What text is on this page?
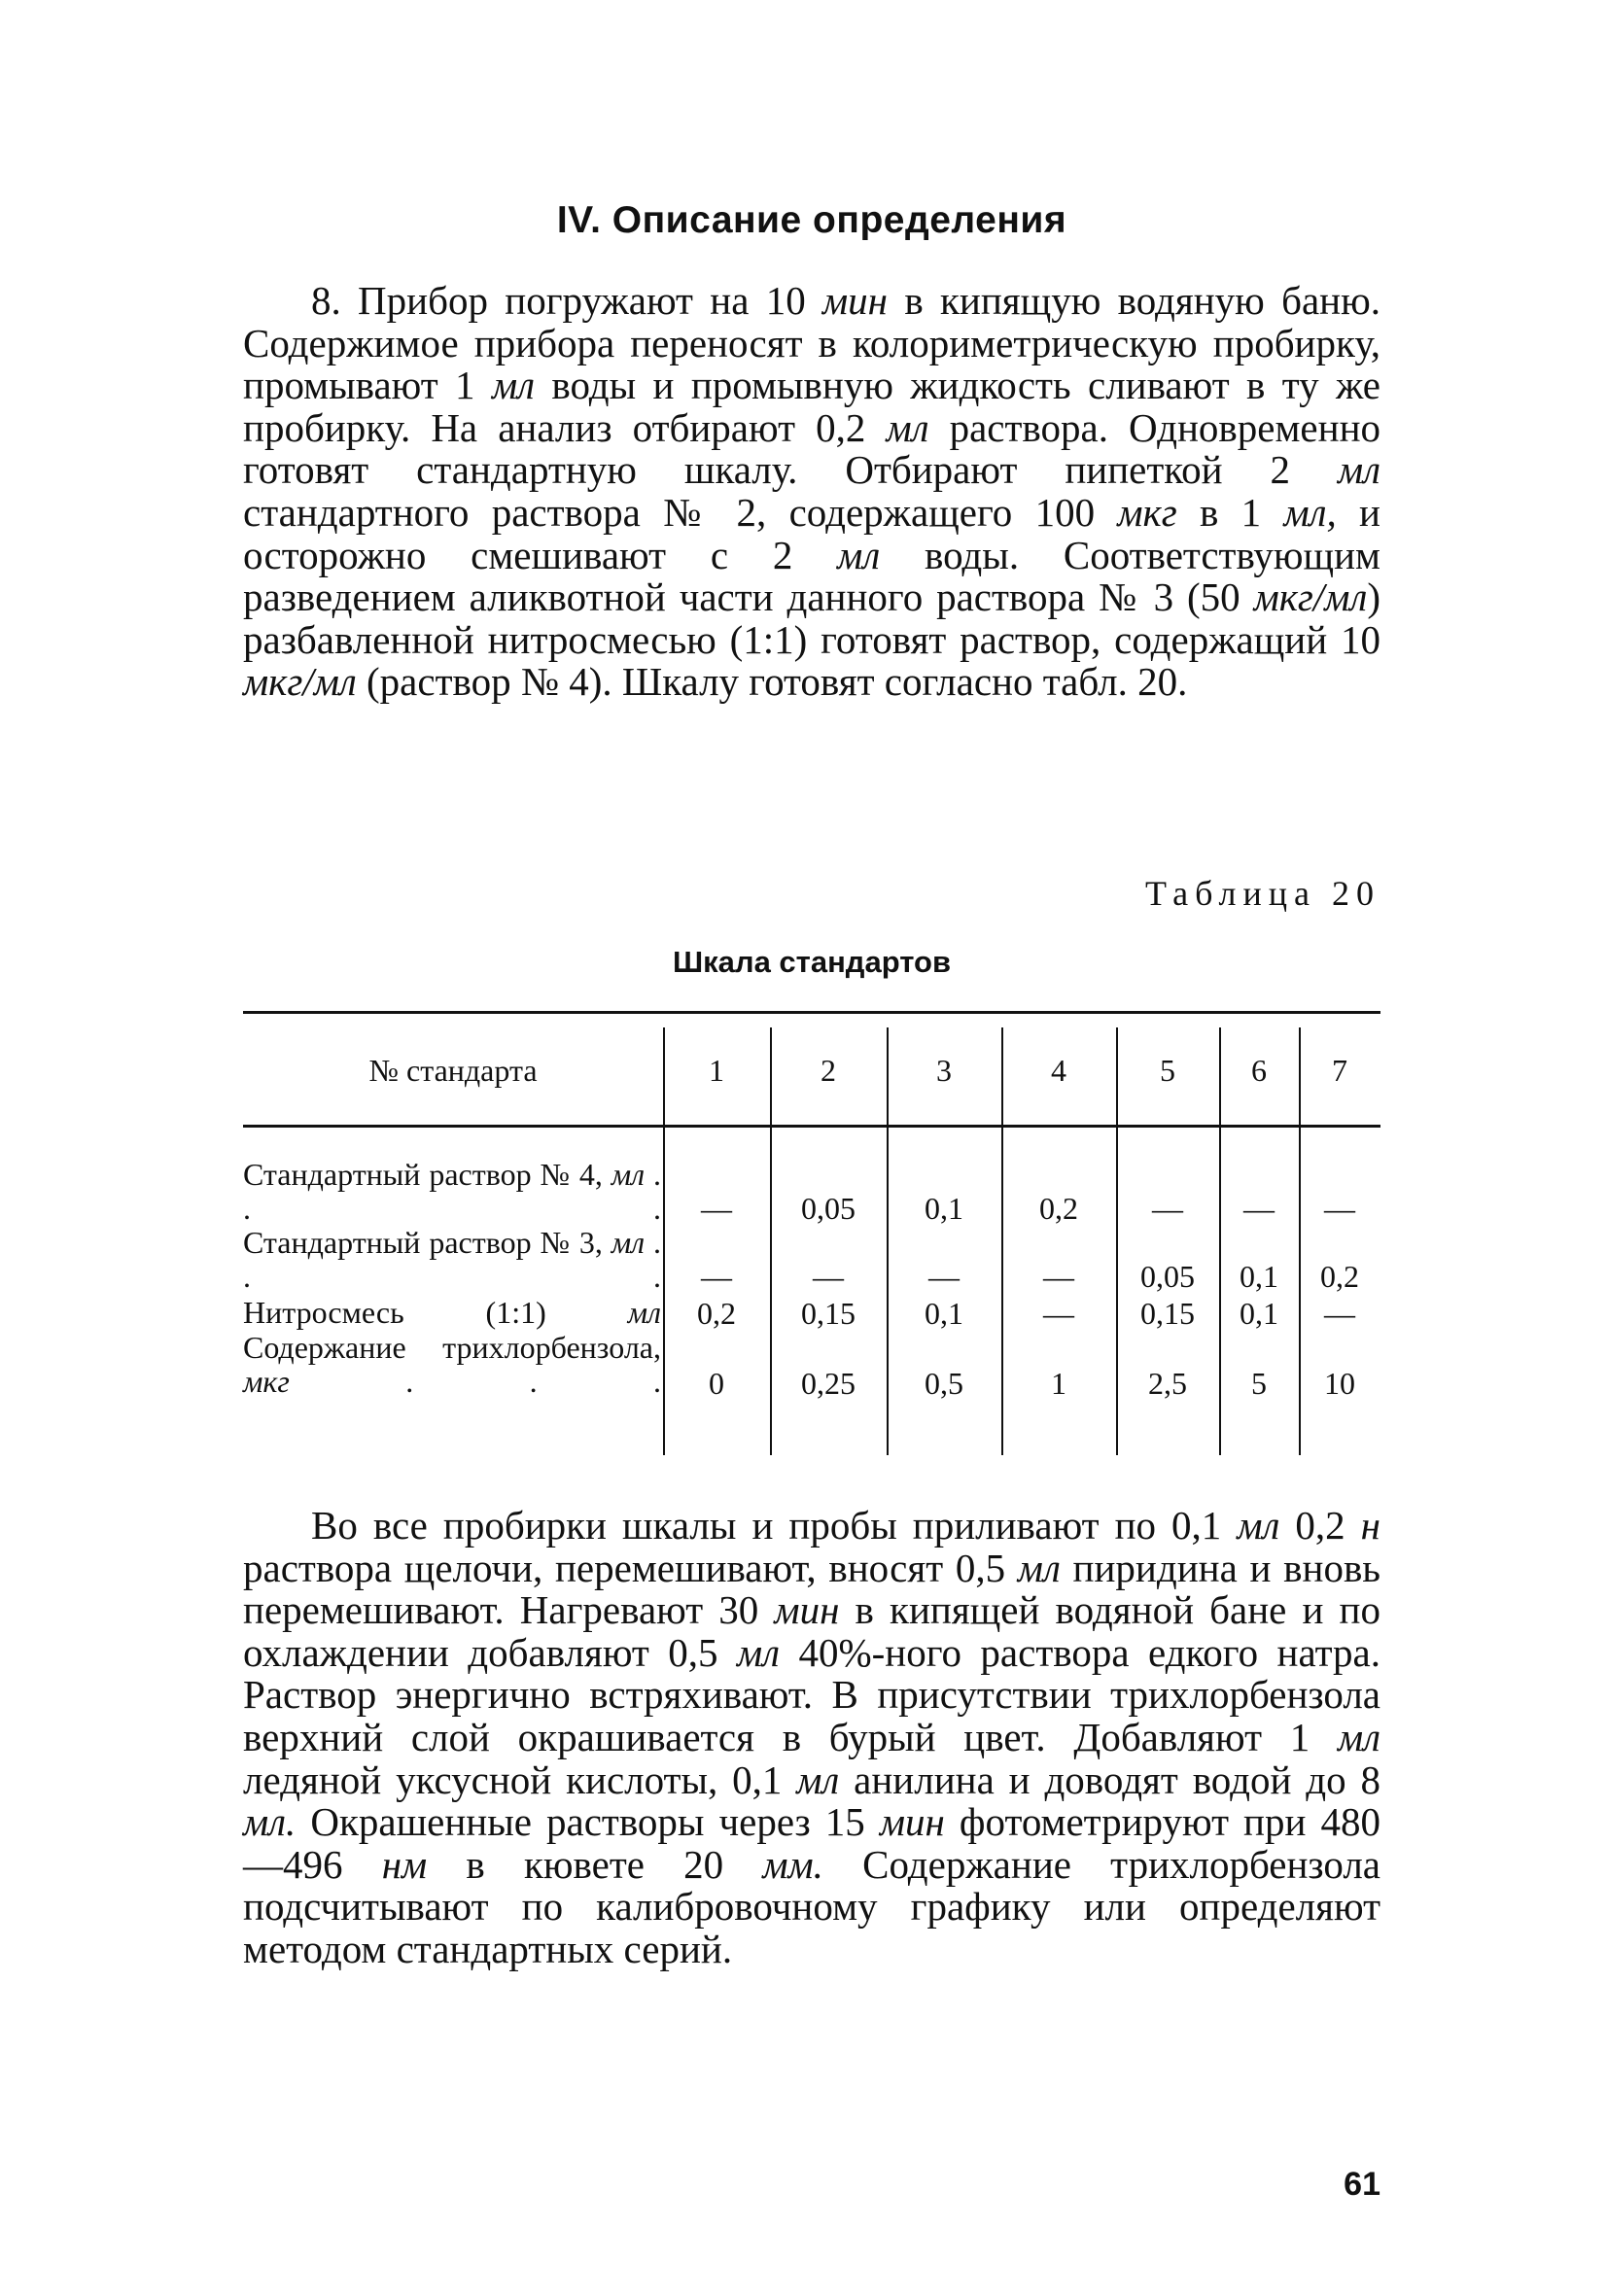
IV. Описание определения

8. Прибор погружают на 10 мин в кипящую водяную баню. Содержимое прибора переносят в колориметрическую пробирку, промывают 1 мл воды и промывную жидкость сливают в ту же пробирку. На анализ отбирают 0,2 мл раствора. Одновременно готовят стандартную шкалу. Отбирают пипеткой 2 мл стандартного раствора № 2, содержащего 100 мкг в 1 мл, и осторожно смешивают с 2 мл воды. Соответствующим разведением аликвотной части данного раствора № 3 (50 мкг/мл) разбавленной нитросмесью (1:1) готовят раствор, содержащий 10 мкг/мл (раствор № 4). Шкалу готовят согласно табл. 20.

Таблица 20
Шкала стандартов
№ стандарта	1	2	3	4	5	6	7
Стандартный раствор № 4, мл . . .	—	0,05	0,1	0,2	—	—	—
Стандартный раствор № 3, мл . . .	—	—	—	—	0,05	0,1	0,2
Нитросмесь (1:1) мл	0,2	0,15	0,1	—	0,15	0,1	—
Содержание трихлорбензола, мкг . . .	0	0,25	0,5	1	2,5	5	10

Во все пробирки шкалы и пробы приливают по 0,1 мл 0,2 н раствора щелочи, перемешивают, вносят 0,5 мл пиридина и вновь перемешивают. Нагревают 30 мин в кипящей водяной бане и по охлаждении добавляют 0,5 мл 40%-ного раствора едкого натра. Раствор энергично встряхивают. В присутствии трихлорбензола верхний слой окрашивается в бурый цвет. Добавляют 1 мл ледяной уксусной кислоты, 0,1 мл анилина и доводят водой до 8 мл. Окрашенные растворы через 15 мин фотометрируют при 480—496 нм в кювете 20 мм. Содержание трихлорбензола подсчитывают по калибровочному графику или определяют методом стандартных серий.

61
